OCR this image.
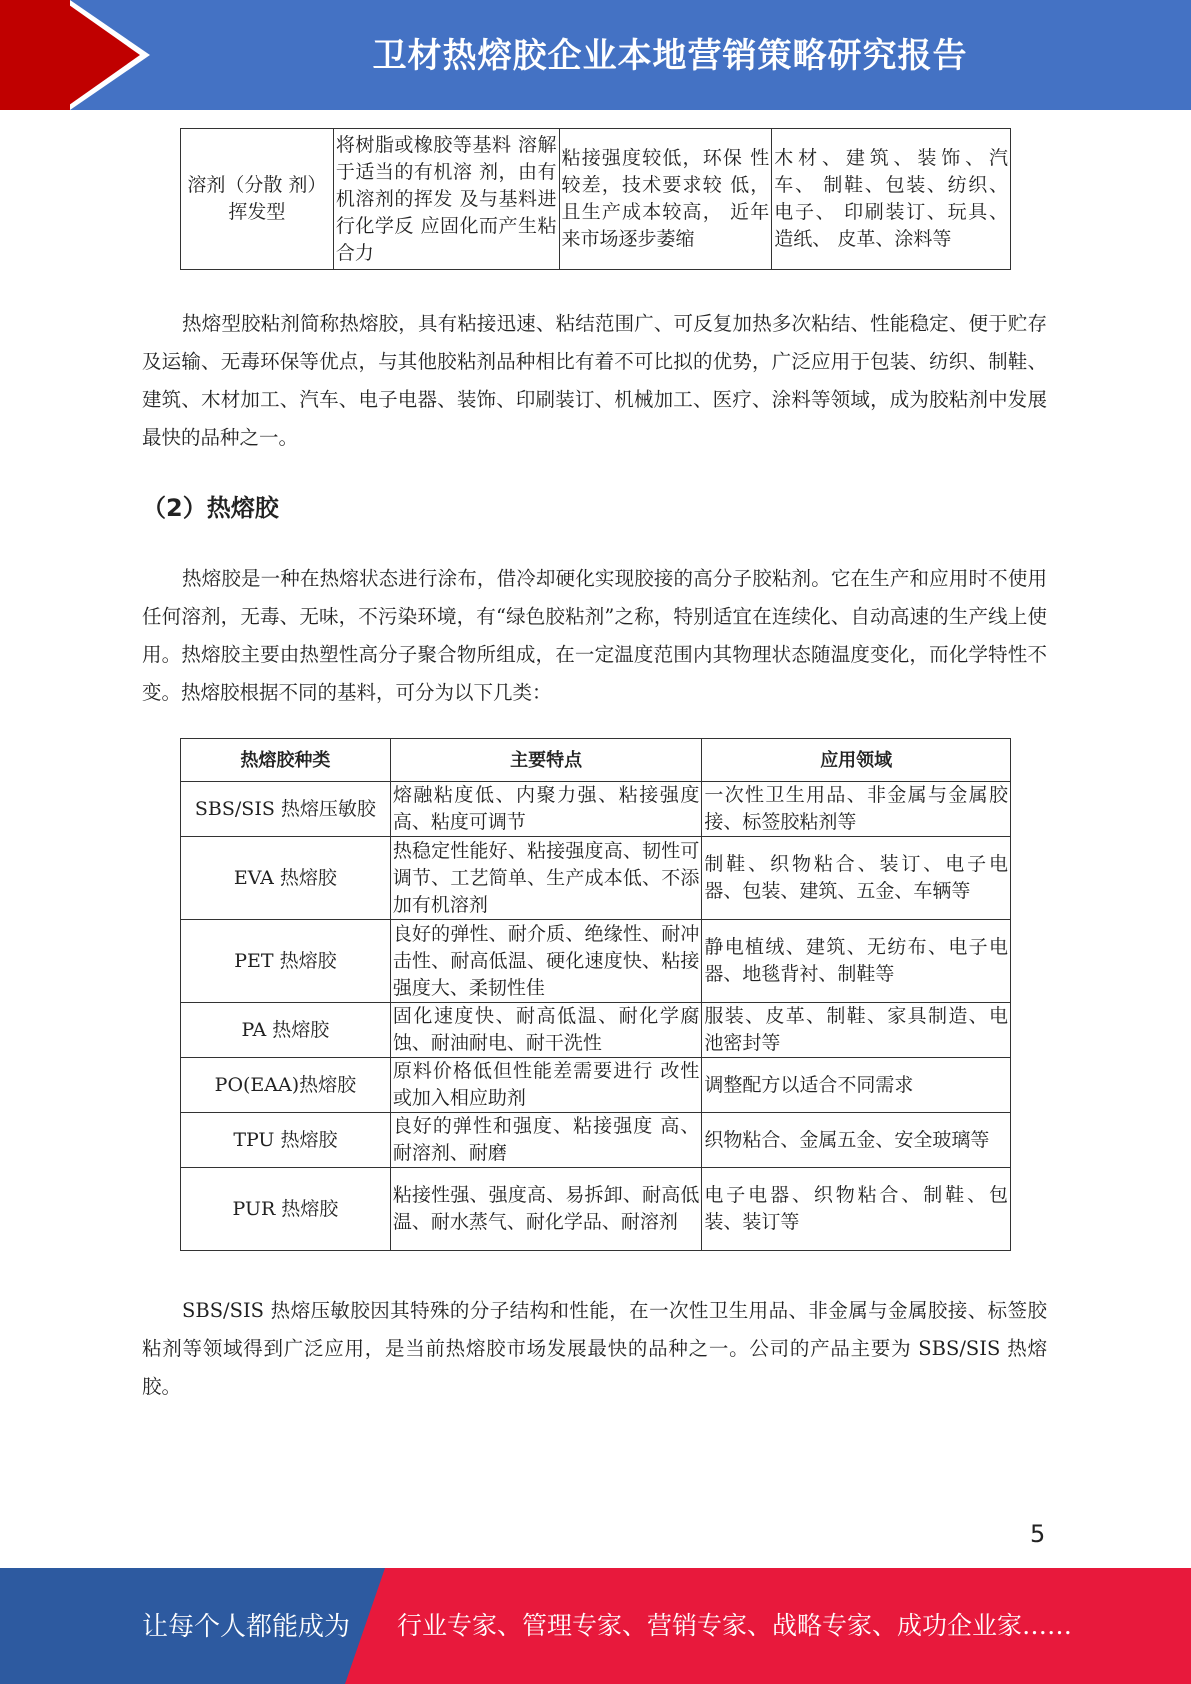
卫材热熔胶企业本地营销策略研究报告
溶剂（分散 剂）挥发型	将树脂或橡胶等基料 溶解于适当的有机溶 剂，由有机溶剂的挥发 及与基料进行化学反 应固化而产生粘合力	粘接强度较低，环保 性较差，技术要求较 低，且生产成本较高， 近年来市场逐步萎缩	木材、建筑、装饰、汽 车、 制鞋、包装、纺织、电子、 印刷装订、玩具、造纸、 皮革、涂料等
热熔型胶粘剂简称热熔胶，具有粘接迅速、粘结范围广、可反复加热多次粘结、性能稳定、便于贮存及运输、无毒环保等优点，与其他胶粘剂品种相比有着不可比拟的优势，广泛应用于包装、纺织、制鞋、建筑、木材加工、汽车、电子电器、装饰、印刷装订、机械加工、医疗、涂料等领域，成为胶粘剂中发展最快的品种之一。
（2）热熔胶
热熔胶是一种在热熔状态进行涂布，借冷却硬化实现胶接的高分子胶粘剂。它在生产和应用时不使用任何溶剂，无毒、无味，不污染环境，有“绿色胶粘剂”之称，特别适宜在连续化、自动高速的生产线上使用。热熔胶主要由热塑性高分子聚合物所组成，在一定温度范围内其物理状态随温度变化，而化学特性不变。热熔胶根据不同的基料，可分为以下几类：
热熔胶种类	主要特点	应用领域
SBS/SIS 热熔压敏胶	熔融粘度低、内聚力强、粘接强度高、粘度可调节	一次性卫生用品、非金属与金属胶接、标签胶粘剂等
EVA 热熔胶	热稳定性能好、粘接强度高、韧性可调节、工艺简单、生产成本低、不添加有机溶剂	制鞋、织物粘合、装订、电子电器、包装、建筑、五金、车辆等
PET 热熔胶	良好的弹性、耐介质、绝缘性、耐冲击性、耐高低温、硬化速度快、粘接强度大、柔韧性佳	静电植绒、建筑、无纺布、电子电器、地毯背衬、制鞋等
PA 热熔胶	固化速度快、耐高低温、耐化学腐蚀、耐油耐电、耐干洗性	服装、皮革、制鞋、家具制造、电池密封等
PO(EAA)热熔胶	原料价格低但性能差需要进行 改性或加入相应助剂	调整配方以适合不同需求
TPU 热熔胶	良好的弹性和强度、粘接强度 高、耐溶剂、耐磨	织物粘合、金属五金、安全玻璃等
PUR 热熔胶	粘接性强、强度高、易拆卸、耐高低温、耐水蒸气、耐化学品、耐溶剂	电子电器、织物粘合、制鞋、包装、装订等
SBS/SIS 热熔压敏胶因其特殊的分子结构和性能，在一次性卫生用品、非金属与金属胶接、标签胶粘剂等领域得到广泛应用，是当前热熔胶市场发展最快的品种之一。公司的产品主要为 SBS/SIS 热熔胶。
5
让每个人都能成为 行业专家、管理专家、营销专家、战略专家、成功企业家……
